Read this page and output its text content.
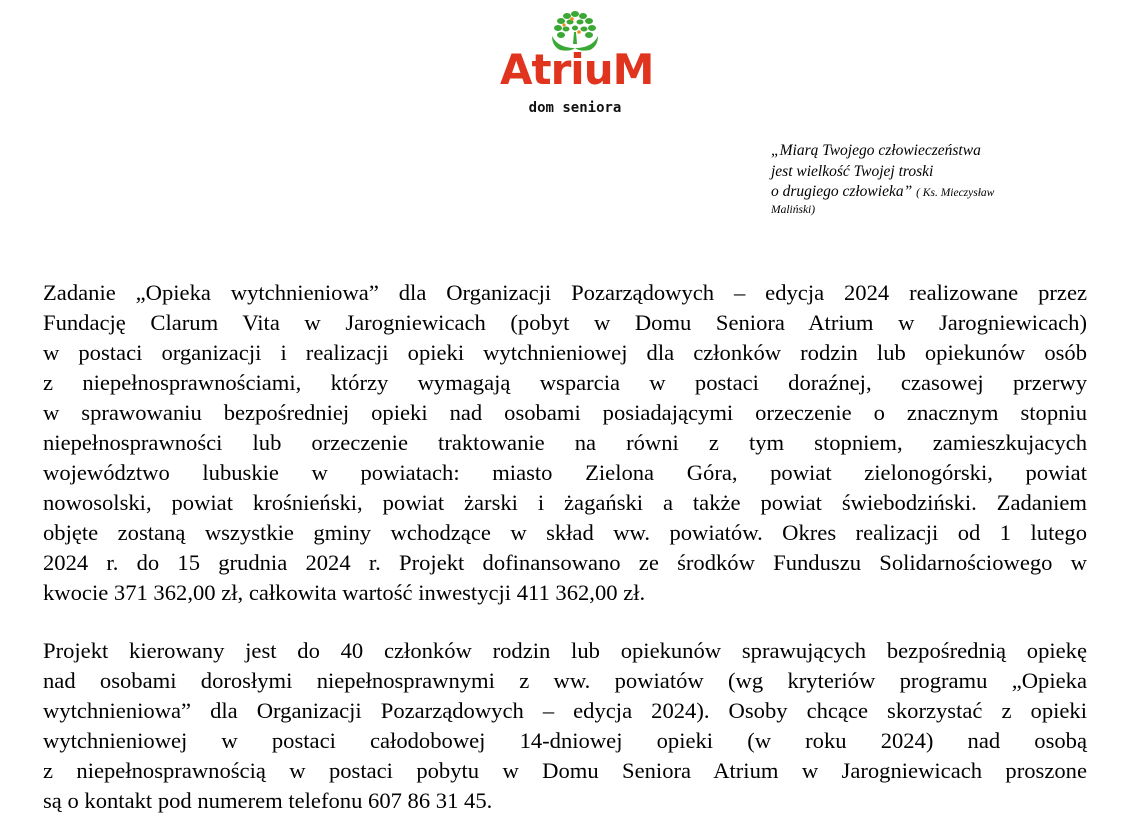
AtriuM
dom seniora
„Miarą Twojego człowieczeństwa
jest wielkość Twojej troski
o drugiego człowieka” ( Ks. Mieczysław
Maliński)
Zadanie „Opieka wytchnieniowa” dla Organizacji Pozarządowych – edycja 2024 realizowane przez
Fundację Clarum Vita w Jarogniewicach (pobyt w Domu Seniora Atrium w Jarogniewicach)
w postaci organizacji i realizacji opieki wytchnieniowej dla członków rodzin lub opiekunów osób
z niepełnosprawnościami, którzy wymagają wsparcia w postaci doraźnej, czasowej przerwy
w sprawowaniu bezpośredniej opieki nad osobami posiadającymi orzeczenie o znacznym stopniu
niepełnosprawności lub orzeczenie traktowanie na równi z tym stopniem, zamieszkujacych
województwo lubuskie w powiatach: miasto Zielona Góra, powiat zielonogórski, powiat
nowosolski, powiat krośnieński, powiat żarski i żagański a także powiat świebodziński. Zadaniem
objęte zostaną wszystkie gminy wchodzące w skład ww. powiatów. Okres realizacji od 1 lutego
2024 r. do 15 grudnia 2024 r. Projekt dofinansowano ze środków Funduszu Solidarnościowego w
kwocie 371 362,00 zł, całkowita wartość inwestycji 411 362,00 zł.
Projekt kierowany jest do 40 członków rodzin lub opiekunów sprawujących bezpośrednią opiekę
nad osobami dorosłymi niepełnosprawnymi z ww. powiatów (wg kryteriów programu „Opieka
wytchnieniowa” dla Organizacji Pozarządowych – edycja 2024). Osoby chcące skorzystać z opieki
wytchnieniowej w postaci całodobowej 14-dniowej opieki (w roku 2024) nad osobą
z niepełnosprawnością w postaci pobytu w Domu Seniora Atrium w Jarogniewicach proszone
są o kontakt pod numerem telefonu 607 86 31 45.
